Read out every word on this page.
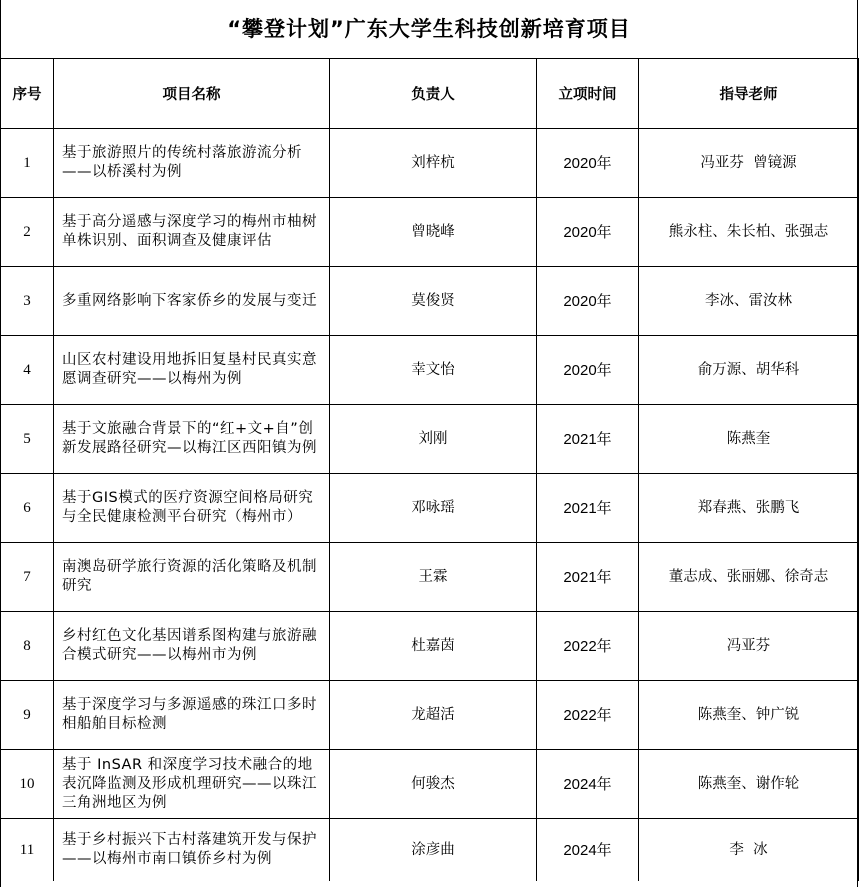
“攀登计划”广东大学生科技创新培育项目
序号	项目名称	负责人	立项时间	指导老师
1	基于旅游照片的传统村落旅游流分析——以桥溪村为例	刘梓杭	2020年	冯亚芬  曾镜源
2	基于高分遥感与深度学习的梅州市柚树单株识别、面积调查及健康评估	曾晓峰	2020年	熊永柱、朱长柏、张强志
3	多重网络影响下客家侨乡的发展与变迁	莫俊贤	2020年	李冰、雷汝林
4	山区农村建设用地拆旧复垦村民真实意愿调查研究——以梅州为例	幸文怡	2020年	俞万源、胡华科
5	基于文旅融合背景下的“红+文+自”创新发展路径研究—以梅江区西阳镇为例	刘刚	2021年	陈燕奎
6	基于GIS模式的医疗资源空间格局研究与全民健康检测平台研究（梅州市）	邓咏瑶	2021年	郑春燕、张鹏飞
7	南澳岛研学旅行资源的活化策略及机制研究	王霖	2021年	董志成、张丽娜、徐奇志
8	乡村红色文化基因谱系图构建与旅游融合模式研究——以梅州市为例	杜嘉茵	2022年	冯亚芬
9	基于深度学习与多源遥感的珠江口多时相船舶目标检测	龙超活	2022年	陈燕奎、钟广锐
10	基于 InSAR 和深度学习技术融合的地表沉降监测及形成机理研究——以珠江三角洲地区为例	何骏杰	2024年	陈燕奎、谢作轮
11	基于乡村振兴下古村落建筑开发与保护——以梅州市南口镇侨乡村为例	涂彦曲	2024年	李  冰
